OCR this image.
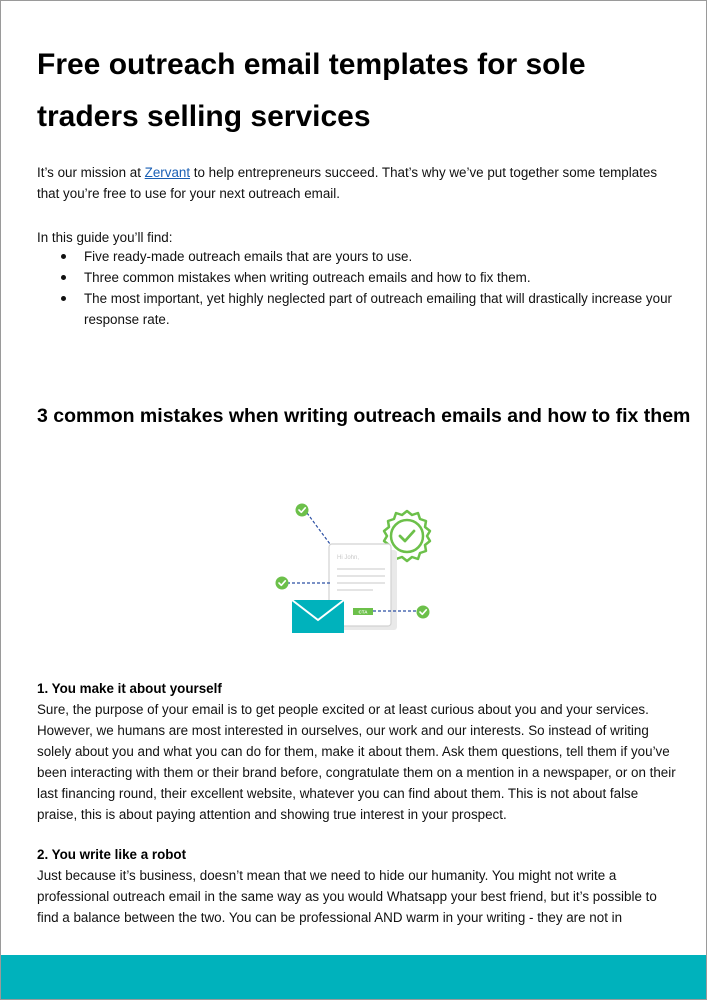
Free outreach email templates for sole traders selling services

It’s our mission at Zervant to help entrepreneurs succeed. That’s why we’ve put together some templates that you’re free to use for your next outreach email.

In this guide you’ll find:

Five ready-made outreach emails that are yours to use.
Three common mistakes when writing outreach emails and how to fix them.
The most important, yet highly neglected part of outreach emailing that will drastically increase your response rate.
3 common mistakes when writing outreach emails and how to fix them
Hi John,
CTA

1. You make it about yourself

Sure, the purpose of your email is to get people excited or at least curious about you and your services. However, we humans are most interested in ourselves, our work and our interests. So instead of writing solely about you and what you can do for them, make it about them. Ask them questions, tell them if you’ve been interacting with them or their brand before, congratulate them on a mention in a newspaper, or on their last financing round, their excellent website, whatever you can find about them. This is not about false praise, this is about paying attention and showing true interest in your prospect.

2. You write like a robot

Just because it’s business, doesn’t mean that we need to hide our humanity. You might not write a professional outreach email in the same way as you would Whatsapp your best friend, but it’s possible to find a balance between the two. You can be professional AND warm in your writing - they are not in
